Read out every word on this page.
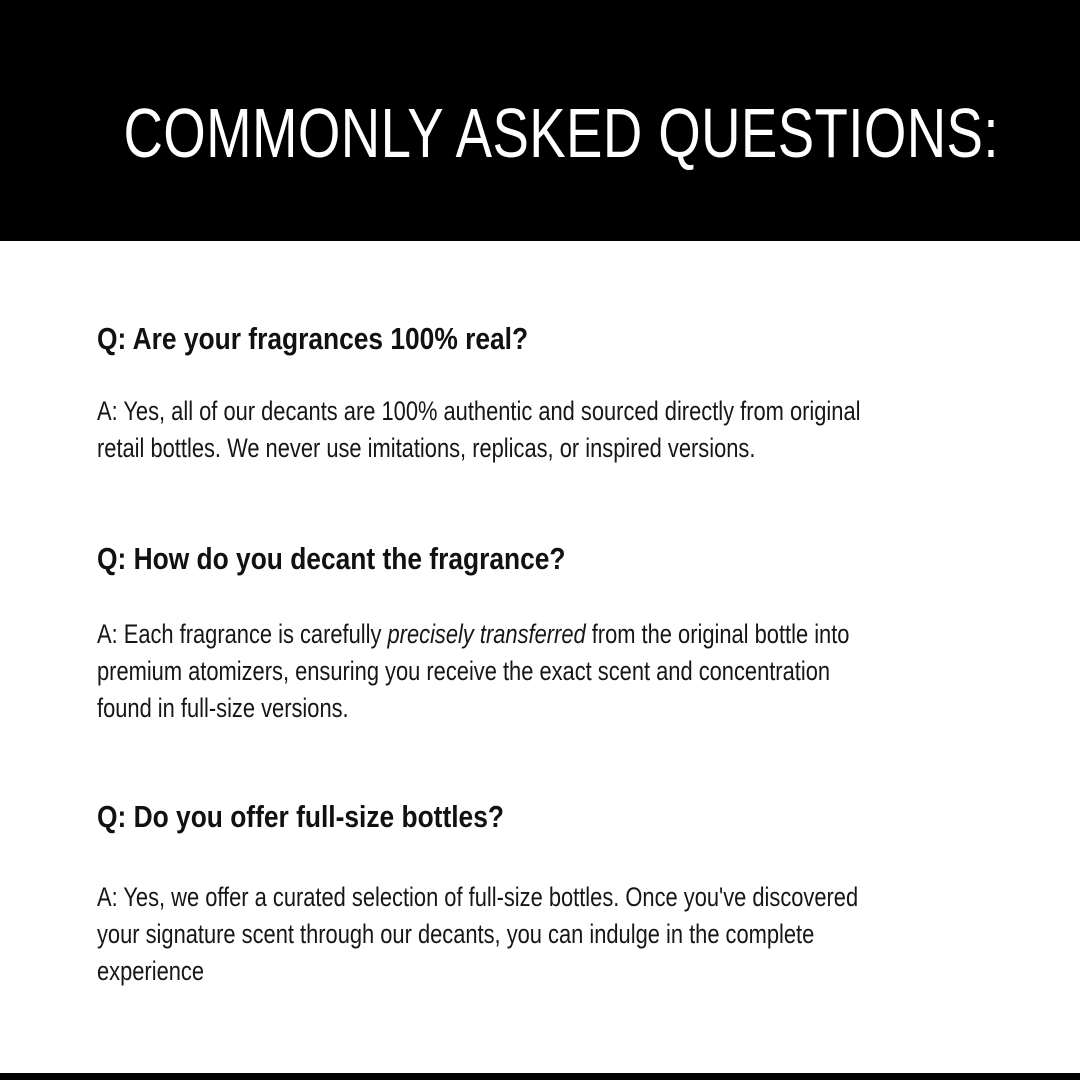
COMMONLY ASKED QUESTIONS:
Q: Are your fragrances 100% real?
A: Yes, all of our decants are 100% authentic and sourced directly from original
retail bottles. We never use imitations, replicas, or inspired versions.
Q: How do you decant the fragrance?
A: Each fragrance is carefully precisely transferred from the original bottle into
premium atomizers, ensuring you receive the exact scent and concentration
found in full-size versions.
Q: Do you offer full-size bottles?
A: Yes, we offer a curated selection of full-size bottles. Once you've discovered
your signature scent through our decants, you can indulge in the complete
experience
